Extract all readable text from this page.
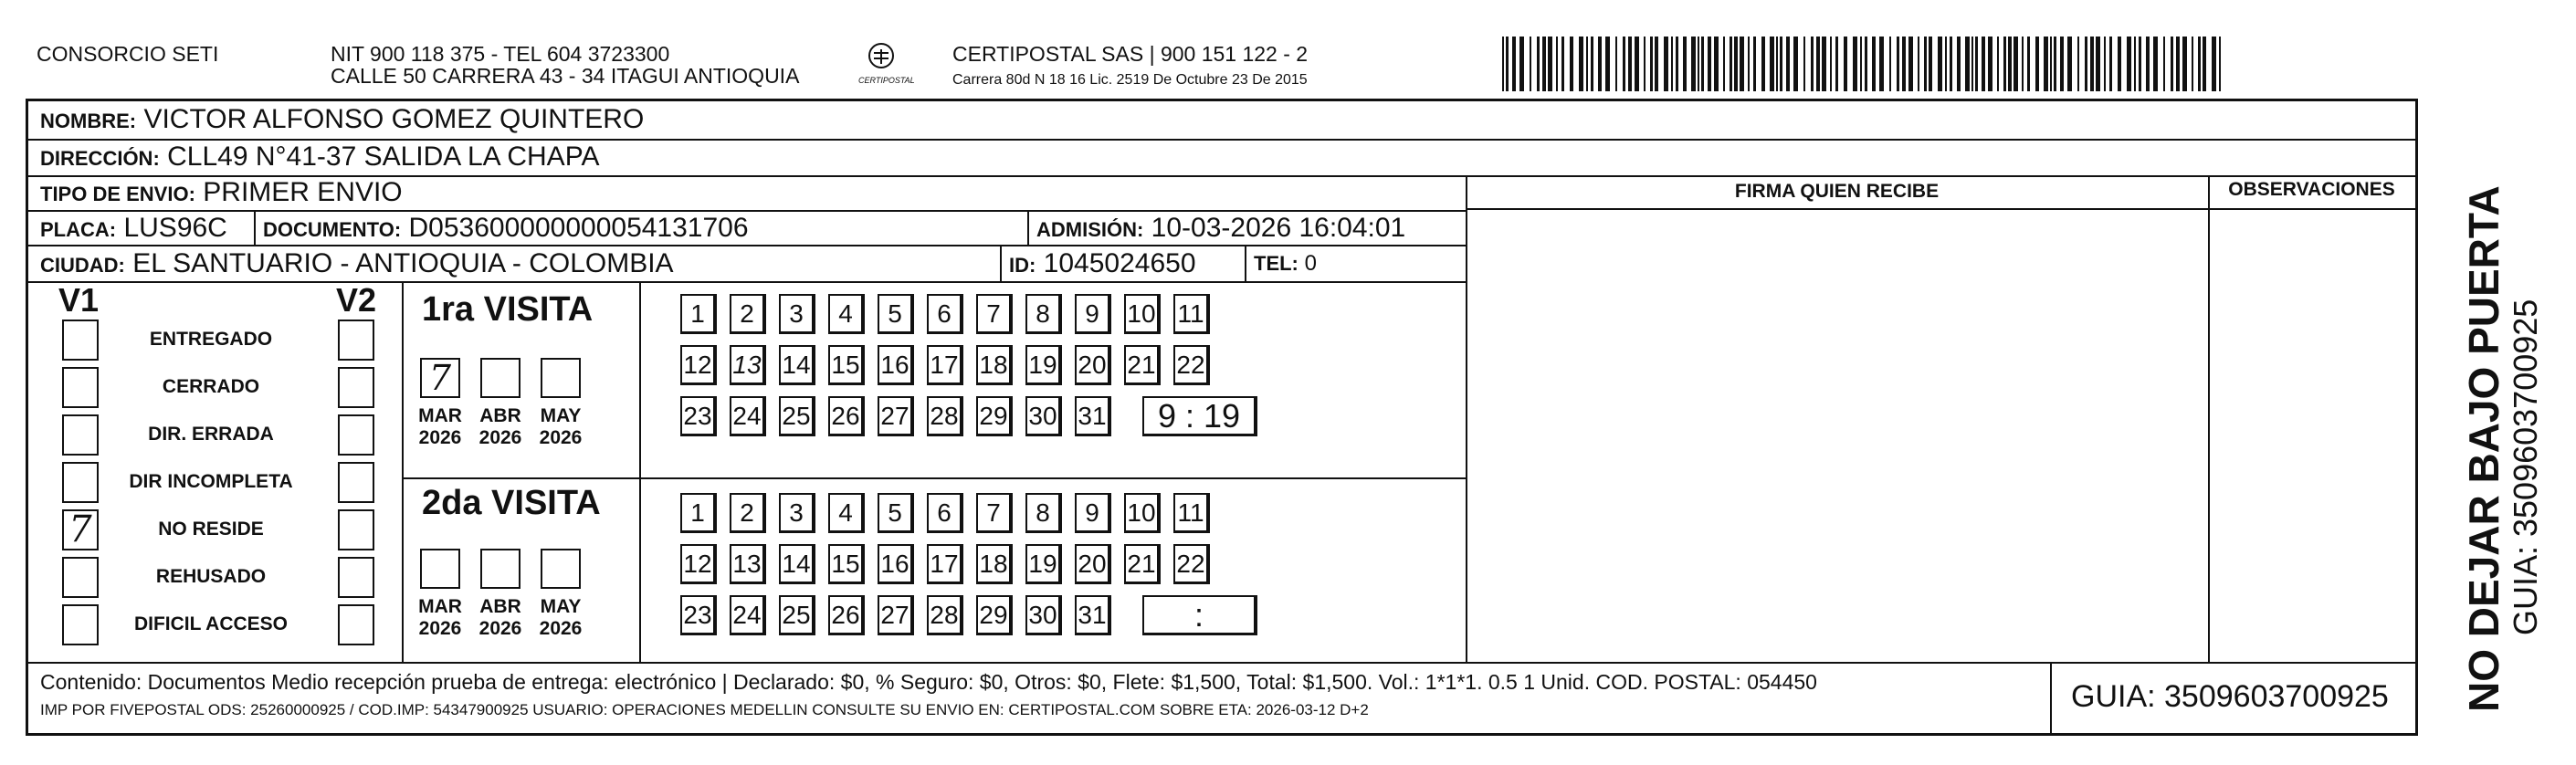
CONSORCIO SETI	NIT 900 118 375 - TEL 604 3723300
CALLE 50 CARRERA 43 - 34 ITAGUI ANTIOQUIA	CERTIPOSTAL
CERTIPOSTAL SAS | 900 151 122 - 2
Carrera 80d N 18 16 Lic. 2519 De Octubre 23 De 2015
NOMBRE: VICTOR ALFONSO GOMEZ QUINTERO
DIRECCIÓN: CLL49 N°41-37 SALIDA LA CHAPA
TIPO DE ENVIO: PRIMER ENVIO	FIRMA QUIEN RECIBE	OBSERVACIONES
PLACA: LUS96C DOCUMENTO: D053600000000054131706	ADMISIÓN: 10-03-2026 16:04:01
CIUDAD: EL SANTUARIO - ANTIOQUIA - COLOMBIA	ID: 1045024650	TEL: 0
V1	V2
ENTREGADO
CERRADO
DIR. ERRADA
DIR INCOMPLETA
NO RESIDE
7
REHUSADO
DIFICIL ACCESO
1ra VISITA
2da VISITA
7
MAR
2026
ABR
2026
MAY
2026
MAR
2026
ABR
2026
MAY
2026
1	2	3	4	5	6	7	8	9	10 11
12 13 14 15 16 17 18 19 20 21 22
23 24 25 26 27 28 29 30 31	9 : 19
1	2	3	4	5	6	7	8	9	10 11
12 13 14 15 16 17 18 19 20 21 22
23 24 25 26 27 28 29 30 31	:
Contenido: Documentos Medio recepción prueba de entrega: electrónico | Declarado: $0, % Seguro: $0, Otros: $0, Flete: $1,500, Total: $1,500. Vol.: 1*1*1. 0.5 1 Unid. COD. POSTAL: 054450
IMP POR FIVEPOSTAL ODS: 25260000925 / COD.IMP: 54347900925 USUARIO: OPERACIONES MEDELLIN CONSULTE SU ENVIO EN: CERTIPOSTAL.COM SOBRE ETA: 2026-03-12 D+2	GUIA: 3509603700925 NO DEJAR BAJO PUERTA GUIA: 3509603700925
